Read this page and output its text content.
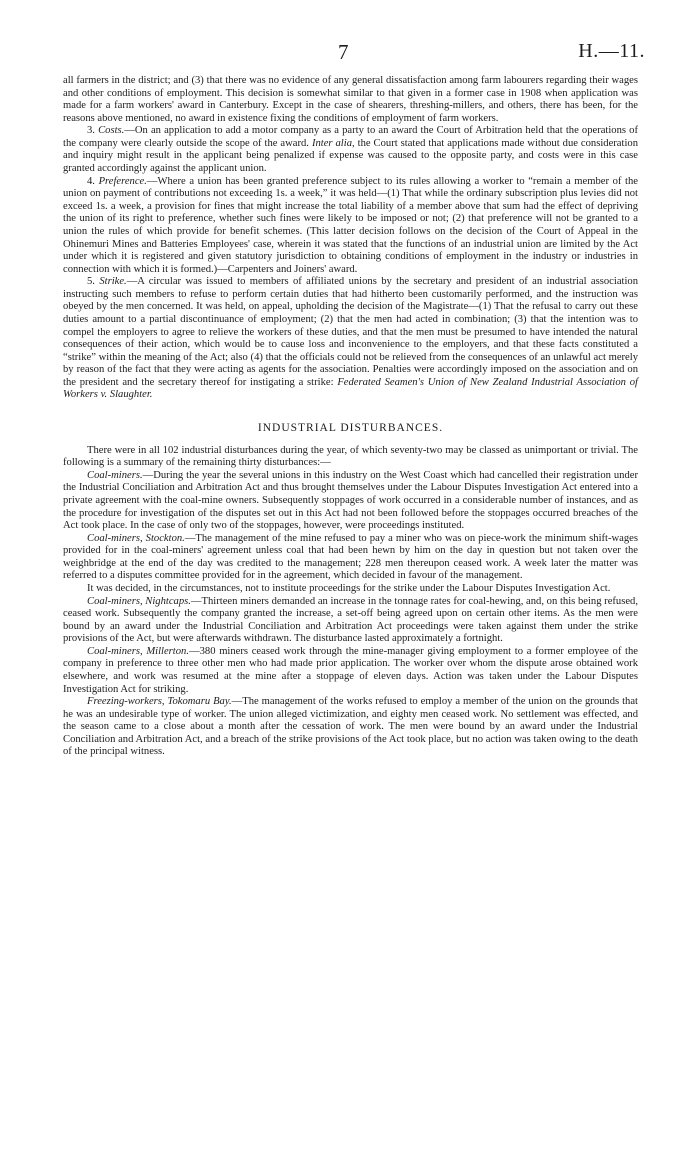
7	H.—11.

all farmers in the district; and (3) that there was no evidence of any general dissatisfaction among farm labourers regarding their wages and other conditions of employment. This decision is somewhat similar to that given in a former case in 1908 when application was made for a farm workers' award in Canterbury. Except in the case of shearers, threshing-millers, and others, there has been, for the reasons above mentioned, no award in existence fixing the conditions of employment of farm workers.

3. Costs.—On an application to add a motor company as a party to an award the Court of Arbitration held that the operations of the company were clearly outside the scope of the award. Inter alia, the Court stated that applications made without due consideration and inquiry might result in the applicant being penalized if expense was caused to the opposite party, and costs were in this case granted accordingly against the applicant union.

4. Preference.—Where a union has been granted preference subject to its rules allowing a worker to “remain a member of the union on payment of contributions not exceeding 1s. a week,” it was held—(1) That while the ordinary subscription plus levies did not exceed 1s. a week, a provision for fines that might increase the total liability of a member above that sum had the effect of depriving the union of its right to preference, whether such fines were likely to be imposed or not; (2) that preference will not be granted to a union the rules of which provide for benefit schemes. (This latter decision follows on the decision of the Court of Appeal in the Ohinemuri Mines and Batteries Employees' case, wherein it was stated that the functions of an industrial union are limited by the Act under which it is registered and given statutory jurisdiction to obtaining conditions of employment in the industry or industries in connection with which it is formed.)—Carpenters and Joiners' award.

5. Strike.—A circular was issued to members of affiliated unions by the secretary and president of an industrial association instructing such members to refuse to perform certain duties that had hitherto been customarily performed, and the instruction was obeyed by the men concerned. It was held, on appeal, upholding the decision of the Magistrate—(1) That the refusal to carry out these duties amount to a partial discontinuance of employment; (2) that the men had acted in combination; (3) that the intention was to compel the employers to agree to relieve the workers of these duties, and that the men must be presumed to have intended the natural consequences of their action, which would be to cause loss and inconvenience to the employers, and that these facts constituted a “strike” within the meaning of the Act; also (4) that the officials could not be relieved from the consequences of an unlawful act merely by reason of the fact that they were acting as agents for the association. Penalties were accordingly imposed on the association and on the president and the secretary thereof for instigating a strike: Federated Seamen's Union of New Zealand Industrial Association of Workers v. Slaughter.

INDUSTRIAL DISTURBANCES.

There were in all 102 industrial disturbances during the year, of which seventy-two may be classed as unimportant or trivial. The following is a summary of the remaining thirty disturbances:—

Coal-miners.—During the year the several unions in this industry on the West Coast which had cancelled their registration under the Industrial Conciliation and Arbitration Act and thus brought themselves under the Labour Disputes Investigation Act entered into a private agreement with the coal-mine owners. Subsequently stoppages of work occurred in a considerable number of instances, and as the procedure for investigation of the disputes set out in this Act had not been followed before the stoppages occurred breaches of the Act took place. In the case of only two of the stoppages, however, were proceedings instituted.

Coal-miners, Stockton.—The management of the mine refused to pay a miner who was on piece-work the minimum shift-wages provided for in the coal-miners' agreement unless coal that had been hewn by him on the day in question but not taken over the weighbridge at the end of the day was credited to the management; 228 men thereupon ceased work. A week later the matter was referred to a disputes committee provided for in the agreement, which decided in favour of the management.

It was decided, in the circumstances, not to institute proceedings for the strike under the Labour Disputes Investigation Act.

Coal-miners, Nightcaps.—Thirteen miners demanded an increase in the tonnage rates for coal-hewing, and, on this being refused, ceased work. Subsequently the company granted the increase, a set-off being agreed upon on certain other items. As the men were bound by an award under the Industrial Conciliation and Arbitration Act proceedings were taken against them under the strike provisions of the Act, but were afterwards withdrawn. The disturbance lasted approximately a fortnight.

Coal-miners, Millerton.—380 miners ceased work through the mine-manager giving employment to a former employee of the company in preference to three other men who had made prior application. The worker over whom the dispute arose obtained work elsewhere, and work was resumed at the mine after a stoppage of eleven days. Action was taken under the Labour Disputes Investigation Act for striking.

Freezing-workers, Tokomaru Bay.—The management of the works refused to employ a member of the union on the grounds that he was an undesirable type of worker. The union alleged victimization, and eighty men ceased work. No settlement was effected, and the season came to a close about a month after the cessation of work. The men were bound by an award under the Industrial Conciliation and Arbitration Act, and a breach of the strike provisions of the Act took place, but no action was taken owing to the death of the principal witness.
